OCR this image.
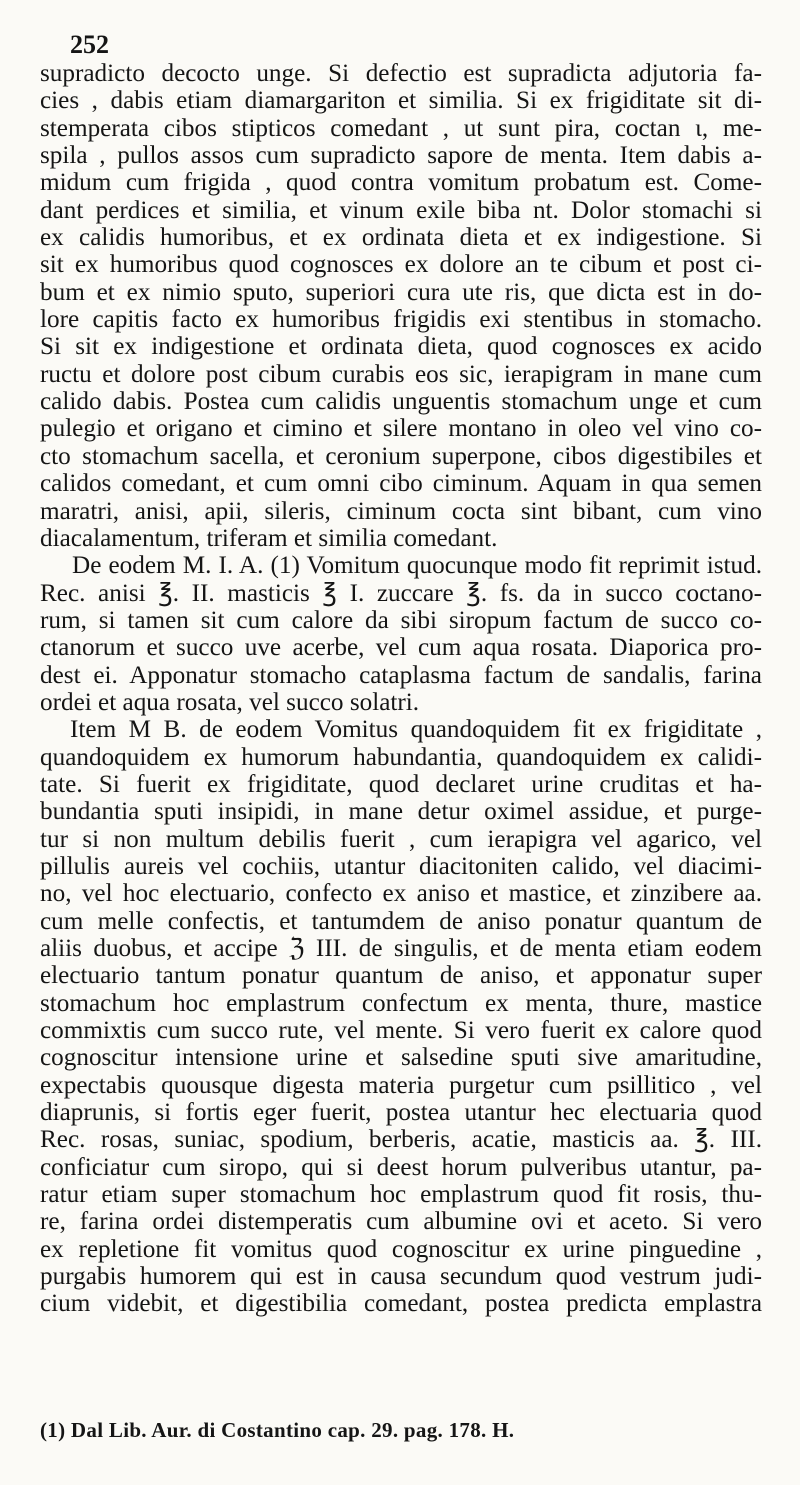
252
supradicto decocto unge. Si defectio est supradicta adjutoria fa-
cies , dabis etiam diamargariton et similia. Si ex frigiditate sit di-
stemperata cibos stipticos comedant , ut sunt pira, coctan ι, me-
spila , pullos assos cum supradicto sapore de menta. Item dabis a-
midum cum frigida , quod contra vomitum probatum est. Come-
dant perdices et similia, et vinum exile biba nt. Dolor stomachi si
ex calidis humoribus, et ex ordinata dieta et ex indigestione. Si
sit ex humoribus quod cognosces ex dolore an te cibum et post ci-
bum et ex nimio sputo, superiori cura ute ris, que dicta est in do-
lore capitis facto ex humoribus frigidis exi stentibus in stomacho.
Si sit ex indigestione et ordinata dieta, quod cognosces ex acido
ructu et dolore post cibum curabis eos sic, ierapigram in mane cum
calido dabis. Postea cum calidis unguentis stomachum unge et cum
pulegio et origano et cimino et silere montano in oleo vel vino co-
cto stomachum sacella, et ceronium superpone, cibos digestibiles et
calidos comedant, et cum omni cibo ciminum. Aquam in qua semen
maratri, anisi, apii, sileris, ciminum cocta sint bibant, cum vino
diacalamentum, triferam et similia comedant.
De eodem M. I. A. (1) Vomitum quocunque modo fit reprimit istud.
Rec. anisi ℥. II. masticis ℥ I. zuccare ℥. fs. da in succo coctano-
rum, si tamen sit cum calore da sibi siropum factum de succo co-
ctanorum et succo uve acerbe, vel cum aqua rosata. Diaporica pro-
dest ei. Apponatur stomacho cataplasma factum de sandalis, farina
ordei et aqua rosata, vel succo solatri.
Item M B. de eodem Vomitus quandoquidem fit ex frigiditate ,
quandoquidem ex humorum habundantia, quandoquidem ex calidi-
tate. Si fuerit ex frigiditate, quod declaret urine cruditas et ha-
bundantia sputi insipidi, in mane detur oximel assidue, et purge-
tur si non multum debilis fuerit , cum ierapigra vel agarico, vel
pillulis aureis vel cochiis, utantur diacitoniten calido, vel diacimi-
no, vel hoc electuario, confecto ex aniso et mastice, et zinzibere aa.
cum melle confectis, et tantumdem de aniso ponatur quantum de
aliis duobus, et accipe ℨ III. de singulis, et de menta etiam eodem
electuario tantum ponatur quantum de aniso, et apponatur super
stomachum hoc emplastrum confectum ex menta, thure, mastice
commixtis cum succo rute, vel mente. Si vero fuerit ex calore quod
cognoscitur intensione urine et salsedine sputi sive amaritudine,
expectabis quousque digesta materia purgetur cum psillitico , vel
diaprunis, si fortis eger fuerit, postea utantur hec electuaria quod
Rec. rosas, suniac, spodium, berberis, acatie, masticis aa. ℥. III.
conficiatur cum siropo, qui si deest horum pulveribus utantur, pa-
ratur etiam super stomachum hoc emplastrum quod fit rosis, thu-
re, farina ordei distemperatis cum albumine ovi et aceto. Si vero
ex repletione fit vomitus quod cognoscitur ex urine pinguedine ,
purgabis humorem qui est in causa secundum quod vestrum judi-
cium videbit, et digestibilia comedant, postea predicta emplastra
(1) Dal Lib. Aur. di Costantino cap. 29. pag. 178. H.
